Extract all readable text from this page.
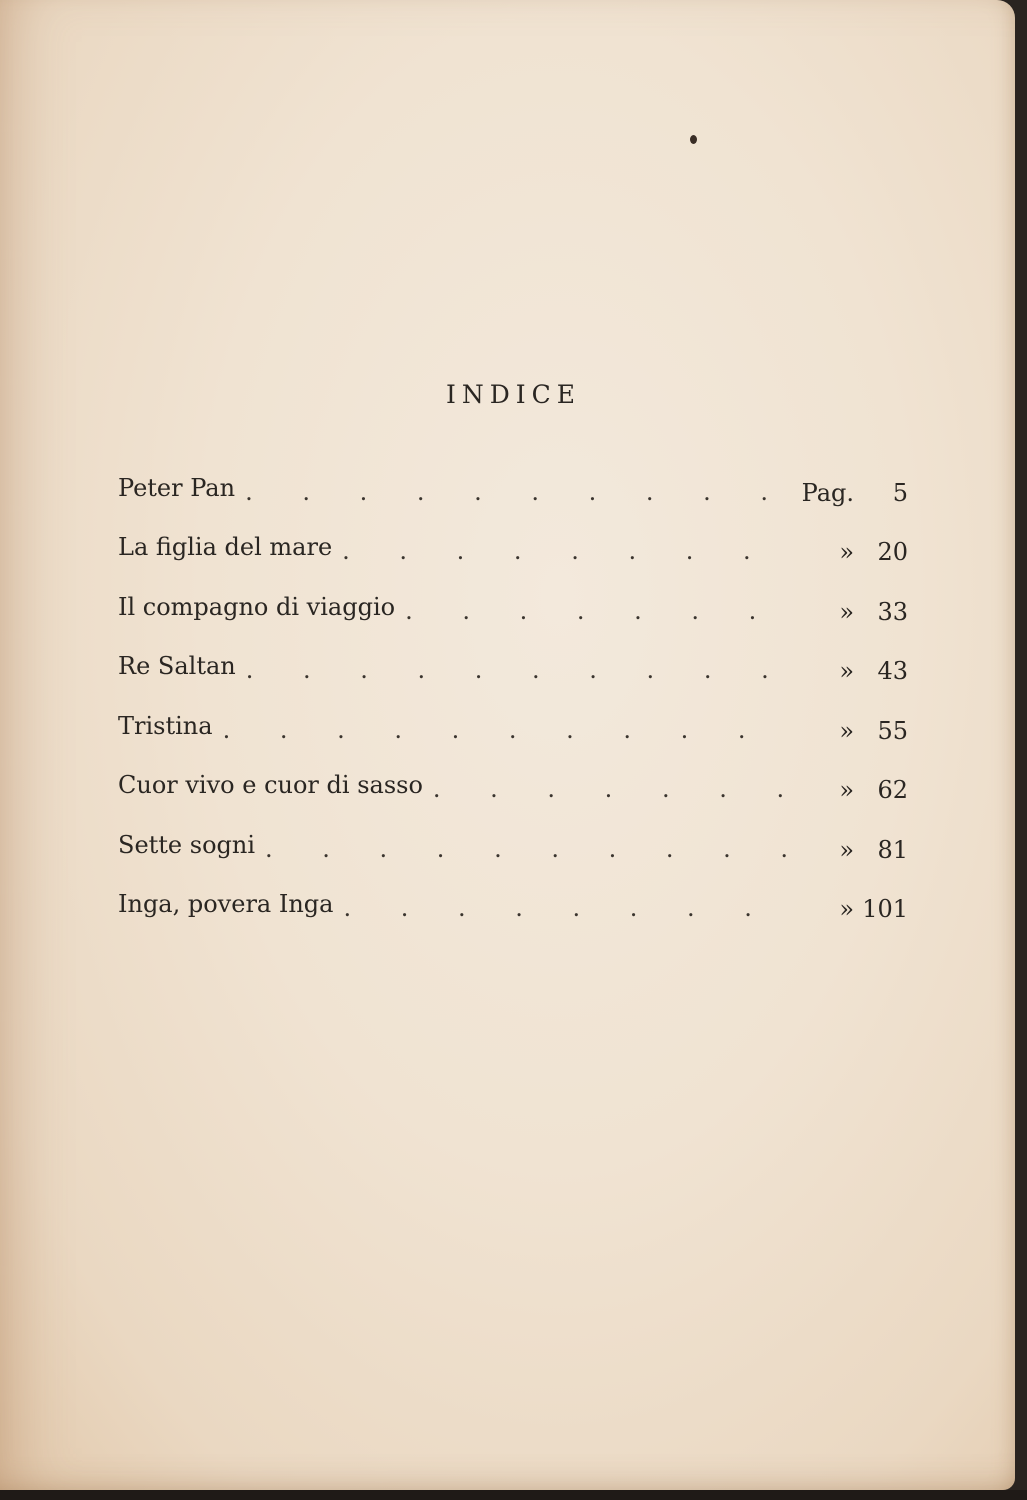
INDICE
Peter Pan . . .	Pag.	5
La figlia del mare . . .	» 20
Il compagno di viaggio . . .	» 33
Re Saltan . . .	» 43
Tristina . . .	» 55
Cuor vivo e cuor di sasso . . .	» 62
Sette sogni . . .	» 81
Inga, povera Inga . . .	» 101
